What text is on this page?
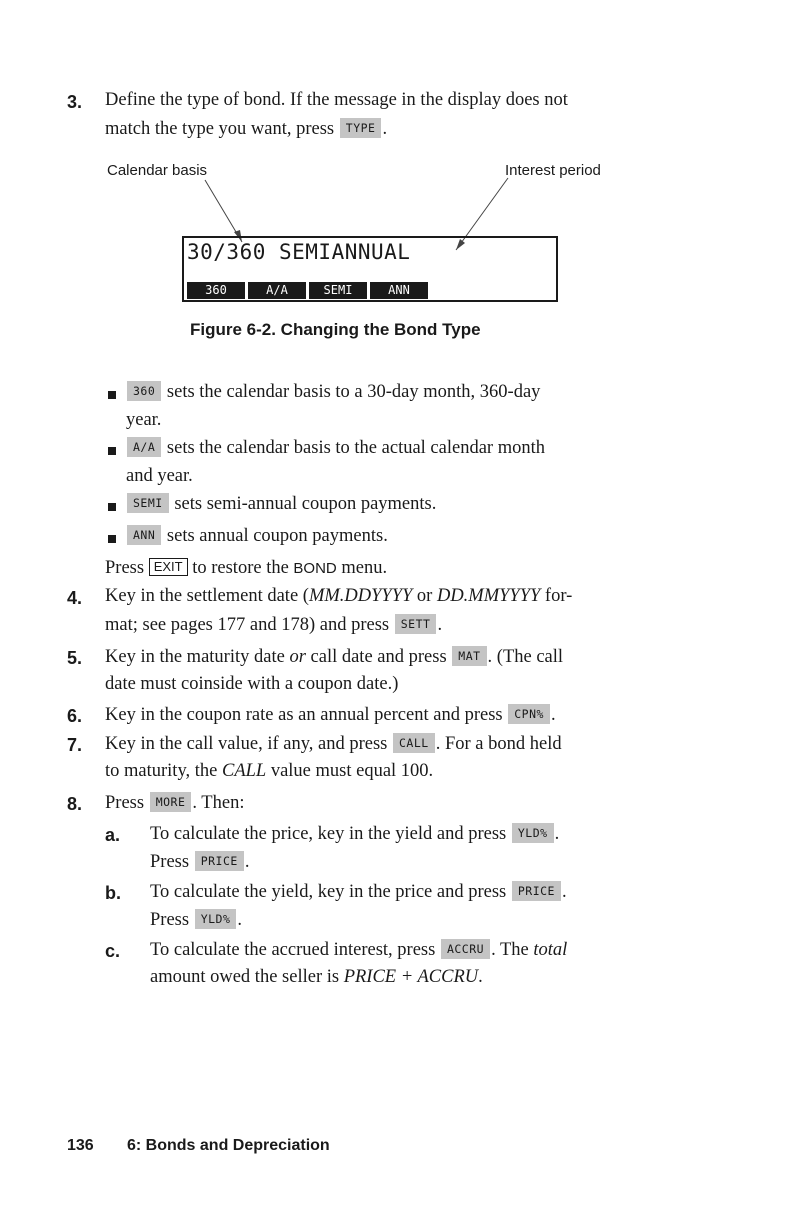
3. Define the type of bond. If the message in the display does not
match the type you want, press TYPE .
Calendar basis	Interest period
30/360 SEMIANNUAL
360	A/A	SEMI	ANN
Figure 6-2. Changing the Bond Type
360 sets the calendar basis to a 30-day month, 360-day
year.
A/A sets the calendar basis to the actual calendar month
and year.
SEMI sets semi-annual coupon payments.
ANN sets annual coupon payments.
Press EXIT to restore the BOND menu.
4. Key in the settlement date (MM.DDYYYY or DD.MMYYYY for-
mat; see pages 177 and 178) and press SETT .
5. Key in the maturity date or call date and press MAT . (The call
date must coinside with a coupon date.)
6. Key in the coupon rate as an annual percent and press CPN% .
7. Key in the call value, if any, and press CALL . For a bond held
to maturity, the CALL value must equal 100.
8. Press MORE . Then:
a. To calculate the price, key in the yield and press YLD% .
Press PRICE .
b. To calculate the yield, key in the price and press PRICE .
Press YLD% .
c. To calculate the accrued interest, press ACCRU . The total
amount owed the seller is PRICE + ACCRU.
136 6: Bonds and Depreciation
